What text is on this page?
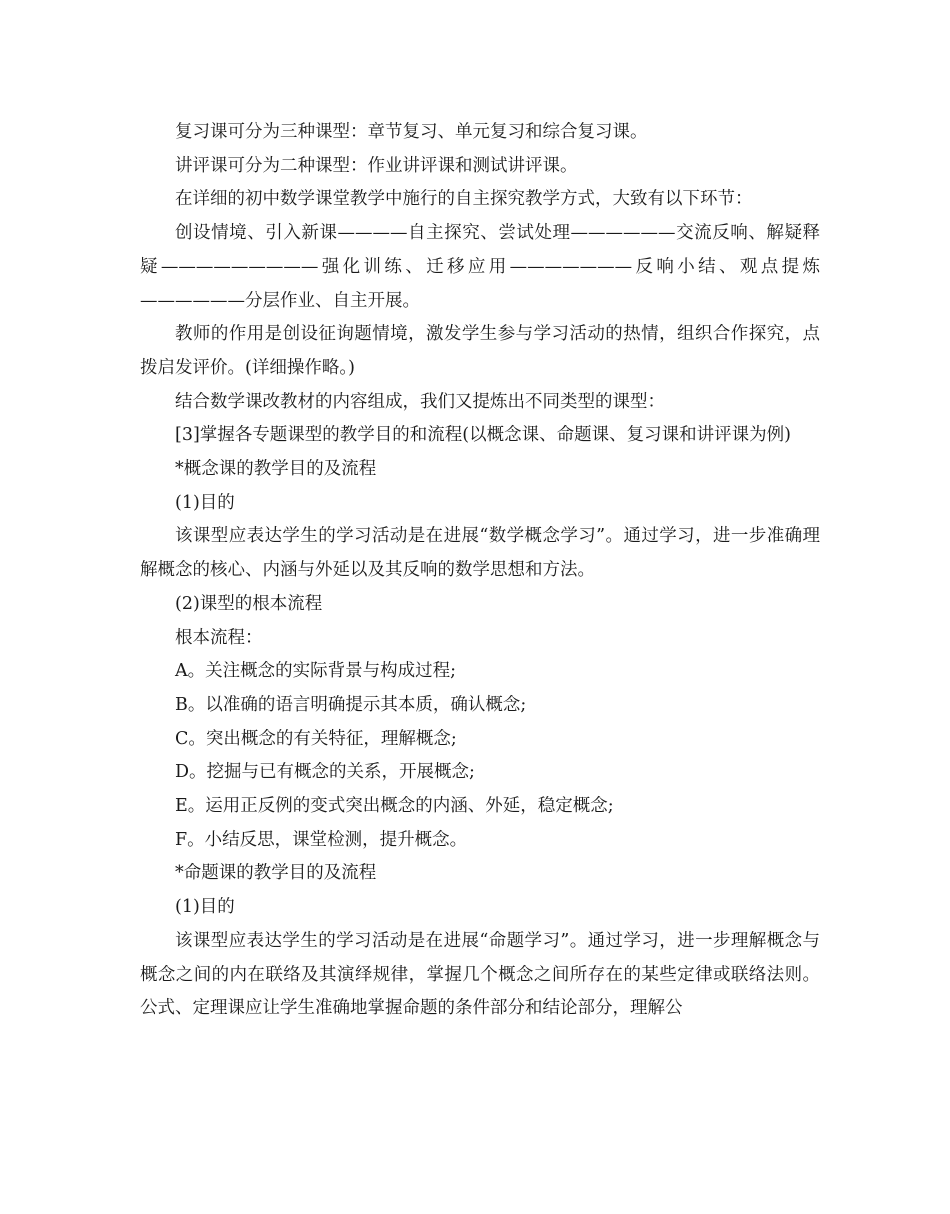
复习课可分为三种课型：章节复习、单元复习和综合复习课。

讲评课可分为二种课型：作业讲评课和测试讲评课。

在详细的初中数学课堂教学中施行的自主探究教学方式，大致有以下环节：

创设情境、引入新课————自主探究、尝试处理——————交流反响、解疑释疑—————————强化训练、迁移应用———————反响小结、观点提炼——————分层作业、自主开展。

教师的作用是创设征询题情境，激发学生参与学习活动的热情，组织合作探究，点拨启发评价。(详细操作略。)

结合数学课改教材的内容组成，我们又提炼出不同类型的课型：

[3]掌握各专题课型的教学目的和流程(以概念课、命题课、复习课和讲评课为例)

*概念课的教学目的及流程

(1)目的

该课型应表达学生的学习活动是在进展“数学概念学习”。通过学习，进一步准确理解概念的核心、内涵与外延以及其反响的数学思想和方法。

(2)课型的根本流程

根本流程：

A。关注概念的实际背景与构成过程;

B。以准确的语言明确提示其本质，确认概念;

C。突出概念的有关特征，理解概念;

D。挖掘与已有概念的关系，开展概念;

E。运用正反例的变式突出概念的内涵、外延，稳定概念;

F。小结反思，课堂检测，提升概念。

*命题课的教学目的及流程

(1)目的

该课型应表达学生的学习活动是在进展“命题学习”。通过学习，进一步理解概念与概念之间的内在联络及其演绎规律，掌握几个概念之间所存在的某些定律或联络法则。公式、定理课应让学生准确地掌握命题的条件部分和结论部分，理解公
